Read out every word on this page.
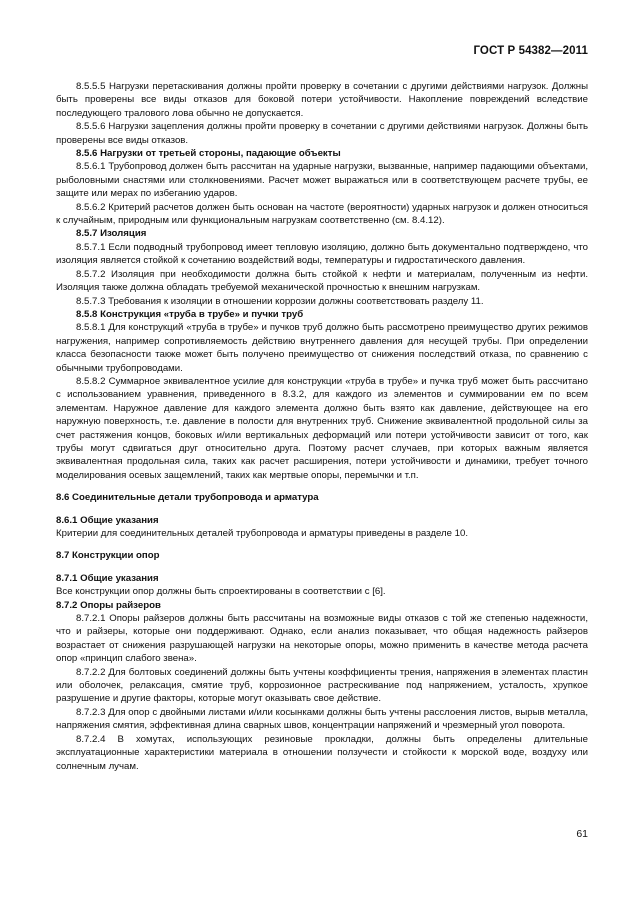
ГОСТ Р 54382—2011

8.5.5.5 Нагрузки перетаскивания должны пройти проверку в сочетании с другими действиями нагрузок. Должны быть проверены все виды отказов для боковой потери устойчивости. Накопление повреждений вследствие последующего тралового лова обычно не допускается.

8.5.5.6 Нагрузки зацепления должны пройти проверку в сочетании с другими действиями нагрузок. Должны быть проверены все виды отказов.

8.5.6 Нагрузки от третьей стороны, падающие объекты

8.5.6.1 Трубопровод должен быть рассчитан на ударные нагрузки, вызванные, например падающими объектами, рыболовными снастями или столкновениями. Расчет может выражаться или в соответствующем расчете трубы, ее защите или мерах по избеганию ударов.

8.5.6.2 Критерий расчетов должен быть основан на частоте (вероятности) ударных нагрузок и должен относиться к случайным, природным или функциональным нагрузкам соответственно (см. 8.4.12).

8.5.7 Изоляция

8.5.7.1 Если подводный трубопровод имеет тепловую изоляцию, должно быть документально подтверждено, что изоляция является стойкой к сочетанию воздействий воды, температуры и гидростатического давления.

8.5.7.2 Изоляция при необходимости должна быть стойкой к нефти и материалам, полученным из нефти. Изоляция также должна обладать требуемой механической прочностью к внешним нагрузкам.

8.5.7.3 Требования к изоляции в отношении коррозии должны соответствовать разделу 11.

8.5.8 Конструкция «труба в трубе» и пучки труб

8.5.8.1 Для конструкций «труба в трубе» и пучков труб должно быть рассмотрено преимущество других режимов нагружения, например сопротивляемость действию внутреннего давления для несущей трубы. При определении класса безопасности также может быть получено преимущество от снижения последствий отказа, по сравнению с обычными трубопроводами.

8.5.8.2 Суммарное эквивалентное усилие для конструкции «труба в трубе» и пучка труб может быть рассчитано с использованием уравнения, приведенного в 8.3.2, для каждого из элементов и суммировании ем по всем элементам. Наружное давление для каждого элемента должно быть взято как давление, действующее на его наружную поверхность, т.е. давление в полости для внутренних труб. Снижение эквивалентной продольной силы за счет растяжения концов, боковых и/или вертикальных деформаций или потери устойчивости зависит от того, как трубы могут сдвигаться друг относительно друга. Поэтому расчет случаев, при которых важным является эквивалентная продольная сила, таких как расчет расширения, потери устойчивости и динамики, требует точного моделирования осевых защемлений, таких как мертвые опоры, перемычки и т.п.

8.6 Соединительные детали трубопровода и арматура

8.6.1 Общие указания

Критерии для соединительных деталей трубопровода и арматуры приведены в разделе 10.

8.7 Конструкции опор

8.7.1 Общие указания

Все конструкции опор должны быть спроектированы в соответствии с [6].

8.7.2 Опоры райзеров

8.7.2.1 Опоры райзеров должны быть рассчитаны на возможные виды отказов с той же степенью надежности, что и райзеры, которые они поддерживают. Однако, если анализ показывает, что общая надежность райзеров возрастает от снижения разрушающей нагрузки на некоторые опоры, можно применить в качестве метода расчета опор «принцип слабого звена».

8.7.2.2 Для болтовых соединений должны быть учтены коэффициенты трения, напряжения в элементах пластин или оболочек, релаксация, смятие труб, коррозионное растрескивание под напряжением, усталость, хрупкое разрушение и другие факторы, которые могут оказывать свое действие.

8.7.2.3 Для опор с двойными листами и/или косынками должны быть учтены расслоения листов, вырыв металла, напряжения смятия, эффективная длина сварных швов, концентрации напряжений и чрезмерный угол поворота.

8.7.2.4 В хомутах, использующих резиновые прокладки, должны быть определены длительные эксплуатационные характеристики материала в отношении ползучести и стойкости к морской воде, воздуху или солнечным лучам.

61
